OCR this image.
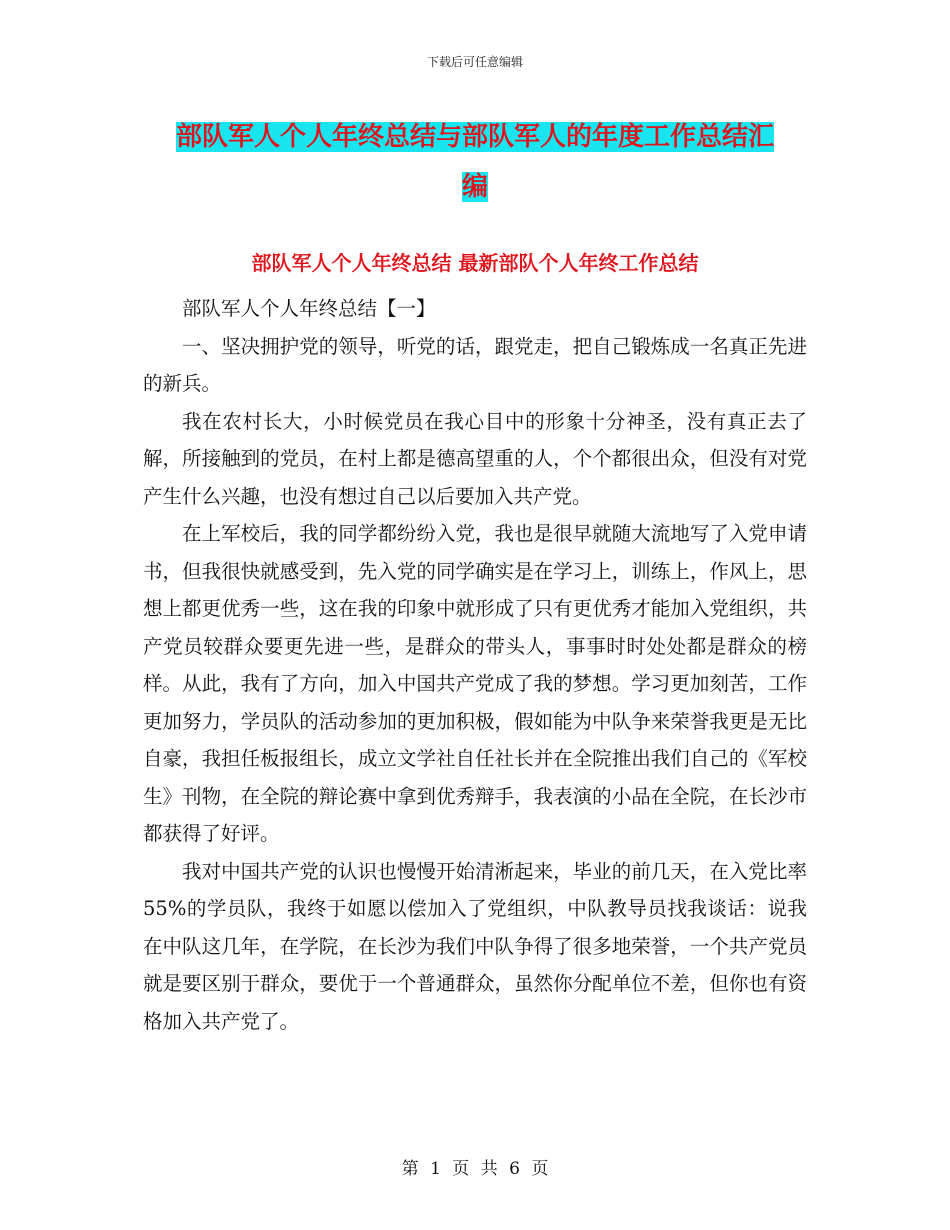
下载后可任意编辑
部队军人个人年终总结与部队军人的年度工作总结汇
编
部队军人个人年终总结 最新部队个人年终工作总结

部队军人个人年终总结【一】

一、坚决拥护党的领导，听党的话，跟党走，把自己锻炼成一名真正先进的新兵。

我在农村长大，小时候党员在我心目中的形象十分神圣，没有真正去了解，所接触到的党员，在村上都是德高望重的人，个个都很出众，但没有对党产生什么兴趣，也没有想过自己以后要加入共产党。

在上军校后，我的同学都纷纷入党，我也是很早就随大流地写了入党申请书，但我很快就感受到，先入党的同学确实是在学习上，训练上，作风上，思想上都更优秀一些，这在我的印象中就形成了只有更优秀才能加入党组织，共产党员较群众要更先进一些，是群众的带头人，事事时时处处都是群众的榜样。从此，我有了方向，加入中国共产党成了我的梦想。学习更加刻苦，工作更加努力，学员队的活动参加的更加积极，假如能为中队争来荣誉我更是无比自豪，我担任板报组长，成立文学社自任社长并在全院推出我们自己的《军校生》刊物，在全院的辩论赛中拿到优秀辩手，我表演的小品在全院，在长沙市都获得了好评。

我对中国共产党的认识也慢慢开始清淅起来，毕业的前几天，在入党比率55%的学员队，我终于如愿以偿加入了党组织，中队教导员找我谈话：说我在中队这几年，在学院，在长沙为我们中队争得了很多地荣誉，一个共产党员就是要区别于群众，要优于一个普通群众，虽然你分配单位不差，但你也有资格加入共产党了。

第 1 页 共 6 页
